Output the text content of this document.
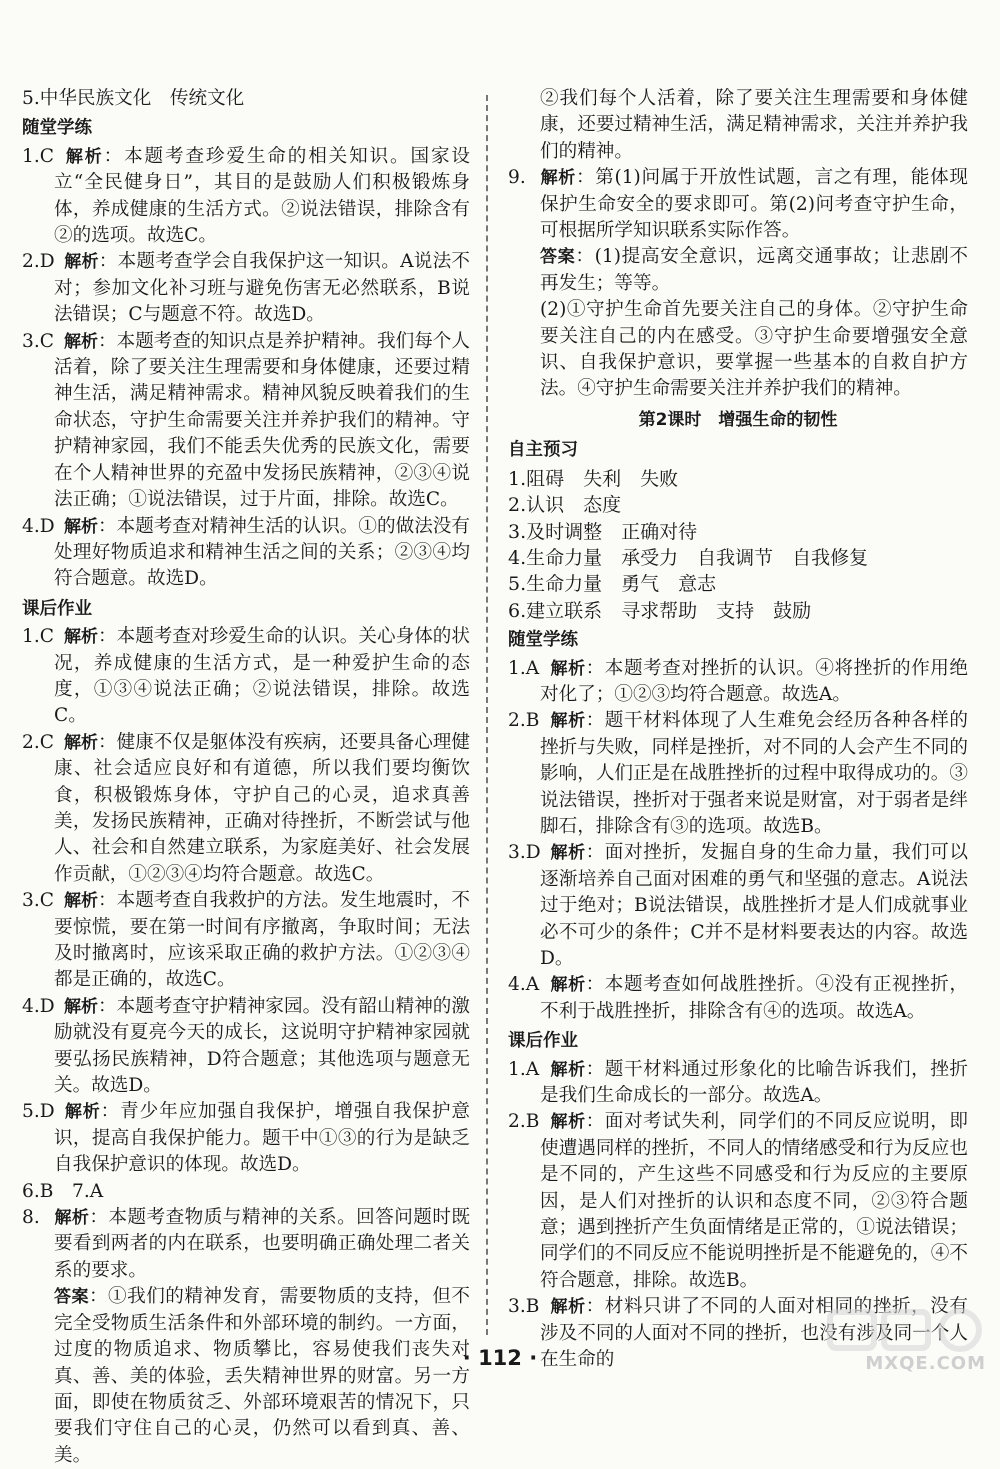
5.中华民族文化　传统文化
随堂学练
1.C 解析：本题考查珍爱生命的相关知识。国家设立“全民健身日”，其目的是鼓励人们积极锻炼身体，养成健康的生活方式。②说法错误，排除含有②的选项。故选C。
2.D 解析：本题考查学会自我保护这一知识。A说法不对；参加文化补习班与避免伤害无必然联系，B说法错误；C与题意不符。故选D。
3.C 解析：本题考查的知识点是养护精神。我们每个人活着，除了要关注生理需要和身体健康，还要过精神生活，满足精神需求。精神风貌反映着我们的生命状态，守护生命需要关注并养护我们的精神。守护精神家园，我们不能丢失优秀的民族文化，需要在个人精神世界的充盈中发扬民族精神，②③④说法正确；①说法错误，过于片面，排除。故选C。
4.D 解析：本题考查对精神生活的认识。①的做法没有处理好物质追求和精神生活之间的关系；②③④均符合题意。故选D。
课后作业
1.C 解析：本题考查对珍爱生命的认识。关心身体的状况，养成健康的生活方式，是一种爱护生命的态度，①③④说法正确；②说法错误，排除。故选C。
2.C 解析：健康不仅是躯体没有疾病，还要具备心理健康、社会适应良好和有道德，所以我们要均衡饮食，积极锻炼身体，守护自己的心灵，追求真善美，发扬民族精神，正确对待挫折，不断尝试与他人、社会和自然建立联系，为家庭美好、社会发展作贡献，①②③④均符合题意。故选C。
3.C 解析：本题考查自我救护的方法。发生地震时，不要惊慌，要在第一时间有序撤离，争取时间；无法及时撤离时，应该采取正确的救护方法。①②③④都是正确的，故选C。
4.D 解析：本题考查守护精神家园。没有韶山精神的激励就没有夏亮今天的成长，这说明守护精神家园就要弘扬民族精神，D符合题意；其他选项与题意无关。故选D。
5.D 解析：青少年应加强自我保护，增强自我保护意识，提高自我保护能力。题干中①③的行为是缺乏自我保护意识的体现。故选D。
6.B　7.A
8. 解析：本题考查物质与精神的关系。回答问题时既要看到两者的内在联系，也要明确正确处理二者关系的要求。
答案：①我们的精神发育，需要物质的支持，但不完全受物质生活条件和外部环境的制约。一方面，过度的物质追求、物质攀比，容易使我们丧失对真、善、美的体验，丢失精神世界的财富。另一方面，即使在物质贫乏、外部环境艰苦的情况下，只要我们守住自己的心灵，仍然可以看到真、善、美。
②我们每个人活着，除了要关注生理需要和身体健康，还要过精神生活，满足精神需求，关注并养护我们的精神。
9. 解析：第(1)问属于开放性试题，言之有理，能体现保护生命安全的要求即可。第(2)问考查守护生命，可根据所学知识联系实际作答。
答案：(1)提高安全意识，远离交通事故；让悲剧不再发生；等等。
(2)①守护生命首先要关注自己的身体。②守护生命要关注自己的内在感受。③守护生命要增强安全意识、自我保护意识，要掌握一些基本的自救自护方法。④守护生命需要关注并养护我们的精神。
第2课时　增强生命的韧性
自主预习
1.阻碍　失利　失败
2.认识　态度
3.及时调整　正确对待
4.生命力量　承受力　自我调节　自我修复
5.生命力量　勇气　意志
6.建立联系　寻求帮助　支持　鼓励
随堂学练
1.A 解析：本题考查对挫折的认识。④将挫折的作用绝对化了；①②③均符合题意。故选A。
2.B 解析：题干材料体现了人生难免会经历各种各样的挫折与失败，同样是挫折，对不同的人会产生不同的影响，人们正是在战胜挫折的过程中取得成功的。③说法错误，挫折对于强者来说是财富，对于弱者是绊脚石，排除含有③的选项。故选B。
3.D 解析：面对挫折，发掘自身的生命力量，我们可以逐渐培养自己面对困难的勇气和坚强的意志。A说法过于绝对；B说法错误，战胜挫折才是人们成就事业必不可少的条件；C并不是材料要表达的内容。故选D。
4.A 解析：本题考查如何战胜挫折。④没有正视挫折，不利于战胜挫折，排除含有④的选项。故选A。
课后作业
1.A 解析：题干材料通过形象化的比喻告诉我们，挫折是我们生命成长的一部分。故选A。
2.B 解析：面对考试失利，同学们的不同反应说明，即使遭遇同样的挫折，不同人的情绪感受和行为反应也是不同的，产生这些不同感受和行为反应的主要原因，是人们对挫折的认识和态度不同，②③符合题意；遇到挫折产生负面情绪是正常的，①说法错误；同学们的不同反应不能说明挫折是不能避免的，④不符合题意，排除。故选B。
3.B 解析：材料只讲了不同的人面对相同的挫折，没有涉及不同的人面对不同的挫折，也没有涉及同一个人在生命的
· 112 ·	MXQE.COM
